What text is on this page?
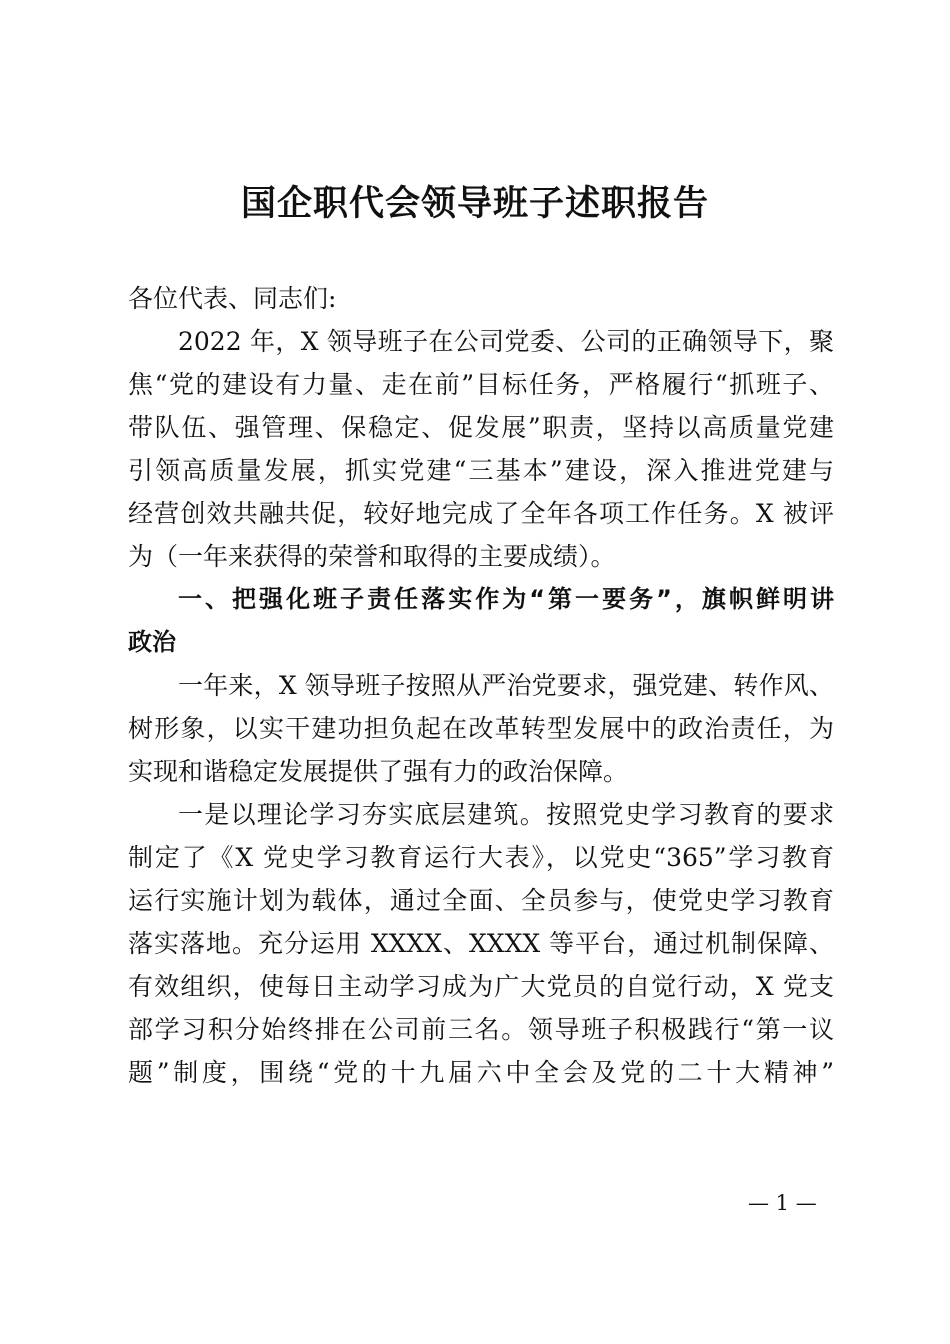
国企职代会领导班子述职报告
各位代表、同志们:
2022 年，X 领导班子在公司党委、公司的正确领导下，聚
焦“党的建设有力量、走在前”目标任务，严格履行“抓班子、
带队伍、强管理、保稳定、促发展”职责，坚持以高质量党建
引领高质量发展，抓实党建“三基本”建设，深入推进党建与
经营创效共融共促，较好地完成了全年各项工作任务。X 被评
为（一年来获得的荣誉和取得的主要成绩）。
一、把强化班子责任落实作为“第一要务”，旗帜鲜明讲
政治
一年来，X 领导班子按照从严治党要求，强党建、转作风、
树形象，以实干建功担负起在改革转型发展中的政治责任，为
实现和谐稳定发展提供了强有力的政治保障。
一是以理论学习夯实底层建筑。按照党史学习教育的要求
制定了《X 党史学习教育运行大表》，以党史“365”学习教育
运行实施计划为载体，通过全面、全员参与，使党史学习教育
落实落地。充分运用 XXXX、XXXX 等平台，通过机制保障、
有效组织，使每日主动学习成为广大党员的自觉行动，X 党支
部学习积分始终排在公司前三名。领导班子积极践行“第一议
题”制度，围绕“党的十九届六中全会及党的二十大精神”
— 1 —
